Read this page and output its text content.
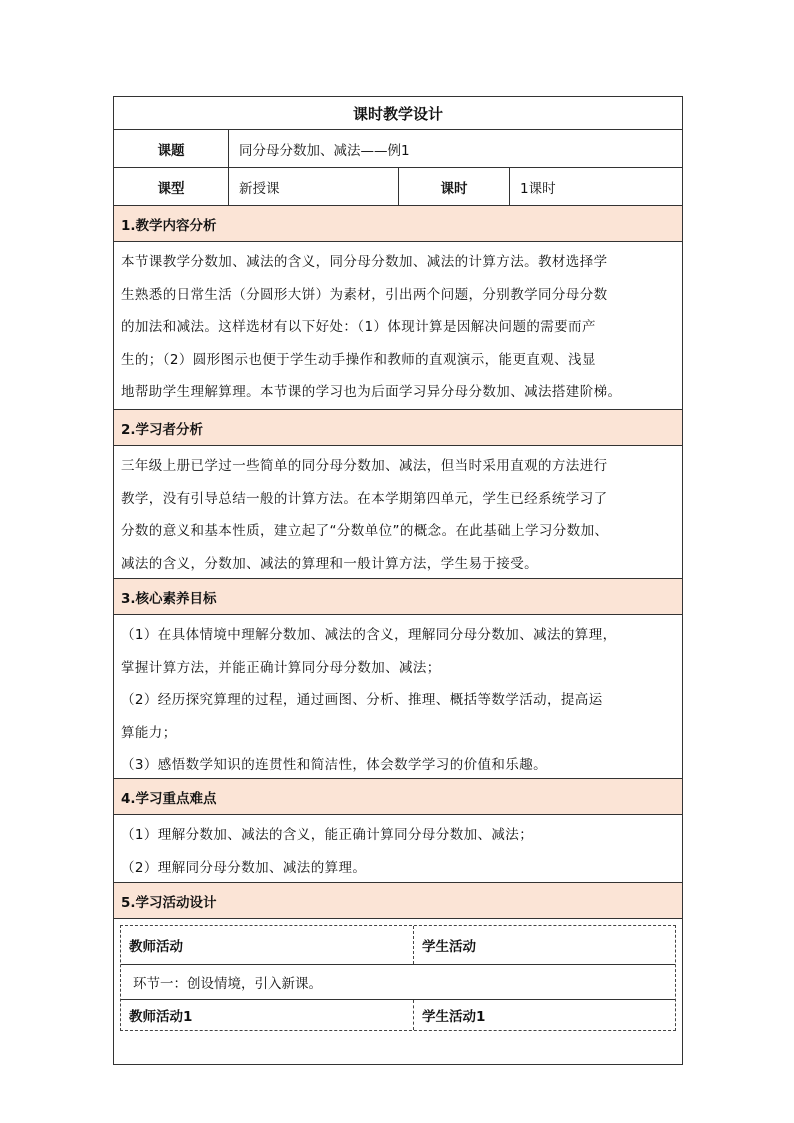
课时教学设计
课题	同分母分数加、减法——例1
课型	新授课	课时	1课时
1.教学内容分析

本节课教学分数加、减法的含义，同分母分数加、减法的计算方法。教材选择学

生熟悉的日常生活（分圆形大饼）为素材，引出两个问题，分别教学同分母分数

的加法和减法。这样选材有以下好处：（1）体现计算是因解决问题的需要而产

生的；（2）圆形图示也便于学生动手操作和教师的直观演示，能更直观、浅显

地帮助学生理解算理。本节课的学习也为后面学习异分母分数加、减法搭建阶梯。

2.学习者分析

三年级上册已学过一些简单的同分母分数加、减法，但当时采用直观的方法进行

教学，没有引导总结一般的计算方法。在本学期第四单元，学生已经系统学习了

分数的意义和基本性质，建立起了“分数单位”的概念。在此基础上学习分数加、

减法的含义，分数加、减法的算理和一般计算方法，学生易于接受。

3.核心素养目标

（1）在具体情境中理解分数加、减法的含义，理解同分母分数加、减法的算理，

掌握计算方法，并能正确计算同分母分数加、减法；

（2）经历探究算理的过程，通过画图、分析、推理、概括等数学活动，提高运

算能力；

（3）感悟数学知识的连贯性和简洁性，体会数学学习的价值和乐趣。

4.学习重点难点

（1）理解分数加、减法的含义，能正确计算同分母分数加、减法；

（2）理解同分母分数加、减法的算理。

5.学习活动设计
教师活动	学生活动
环节一：创设情境，引入新课。
教师活动1	学生活动1
